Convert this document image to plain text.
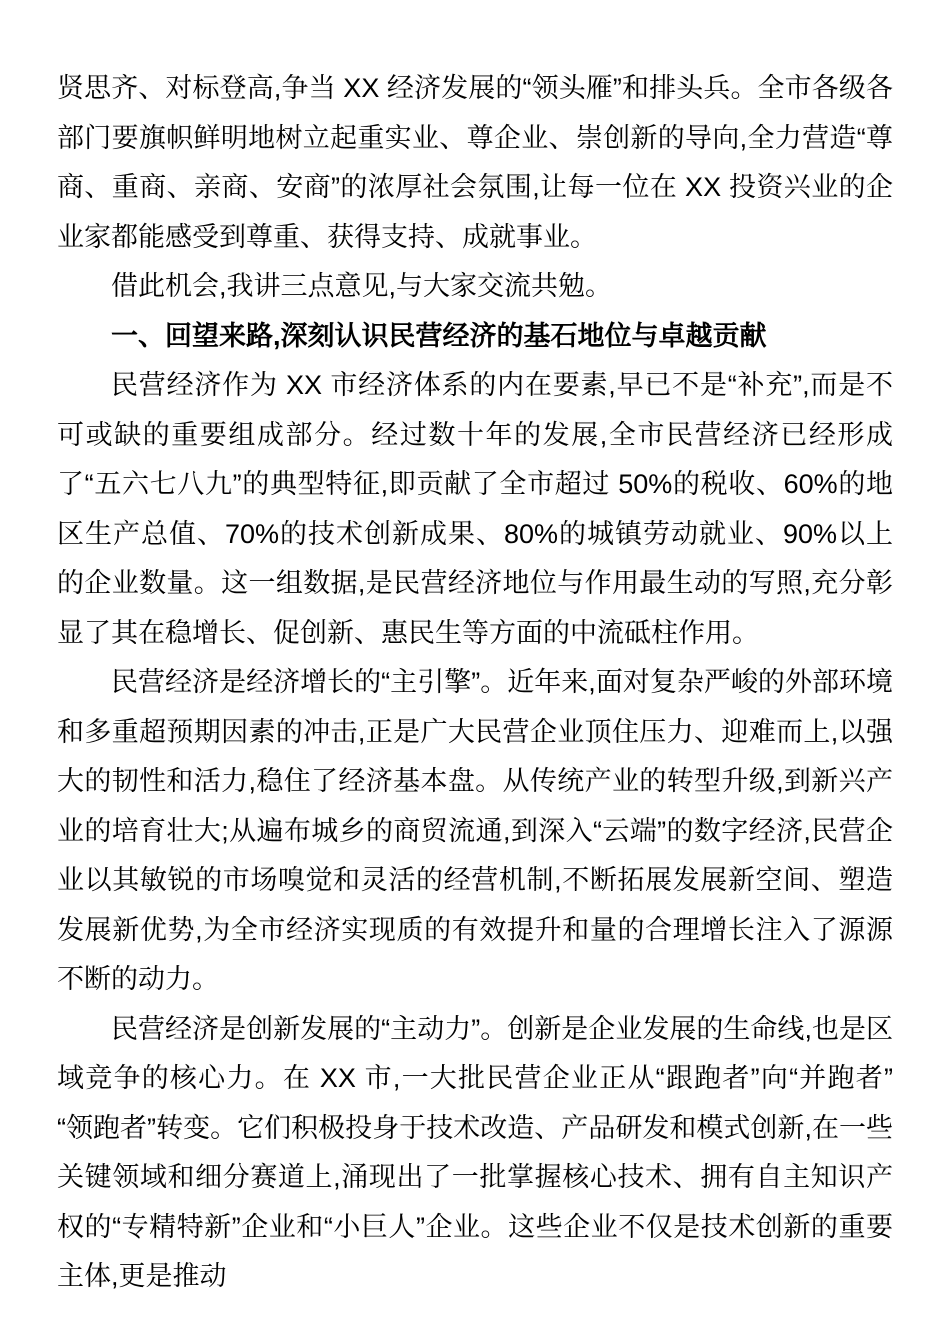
贤思齐、对标登高,争当 XX 经济发展的“领头雁”和排头兵。全市各级各部门要旗帜鲜明地树立起重实业、尊企业、崇创新的导向,全力营造“尊商、重商、亲商、安商”的浓厚社会氛围,让每一位在 XX 投资兴业的企业家都能感受到尊重、获得支持、成就事业。

借此机会,我讲三点意见,与大家交流共勉。

一、回望来路,深刻认识民营经济的基石地位与卓越贡献

民营经济作为 XX 市经济体系的内在要素,早已不是“补充”,而是不可或缺的重要组成部分。经过数十年的发展,全市民营经济已经形成了“五六七八九”的典型特征,即贡献了全市超过 50%的税收、60%的地区生产总值、70%的技术创新成果、80%的城镇劳动就业、90%以上的企业数量。这一组数据,是民营经济地位与作用最生动的写照,充分彰显了其在稳增长、促创新、惠民生等方面的中流砥柱作用。

民营经济是经济增长的“主引擎”。近年来,面对复杂严峻的外部环境和多重超预期因素的冲击,正是广大民营企业顶住压力、迎难而上,以强大的韧性和活力,稳住了经济基本盘。从传统产业的转型升级,到新兴产业的培育壮大;从遍布城乡的商贸流通,到深入“云端”的数字经济,民营企业以其敏锐的市场嗅觉和灵活的经营机制,不断拓展发展新空间、塑造发展新优势,为全市经济实现质的有效提升和量的合理增长注入了源源不断的动力。

民营经济是创新发展的“主动力”。创新是企业发展的生命线,也是区域竞争的核心力。在 XX 市,一大批民营企业正从“跟跑者”向“并跑者” “领跑者”转变。它们积极投身于技术改造、产品研发和模式创新,在一些关键领域和细分赛道上,涌现出了一批掌握核心技术、拥有自主知识产权的“专精特新”企业和“小巨人”企业。这些企业不仅是技术创新的重要主体,更是推动
